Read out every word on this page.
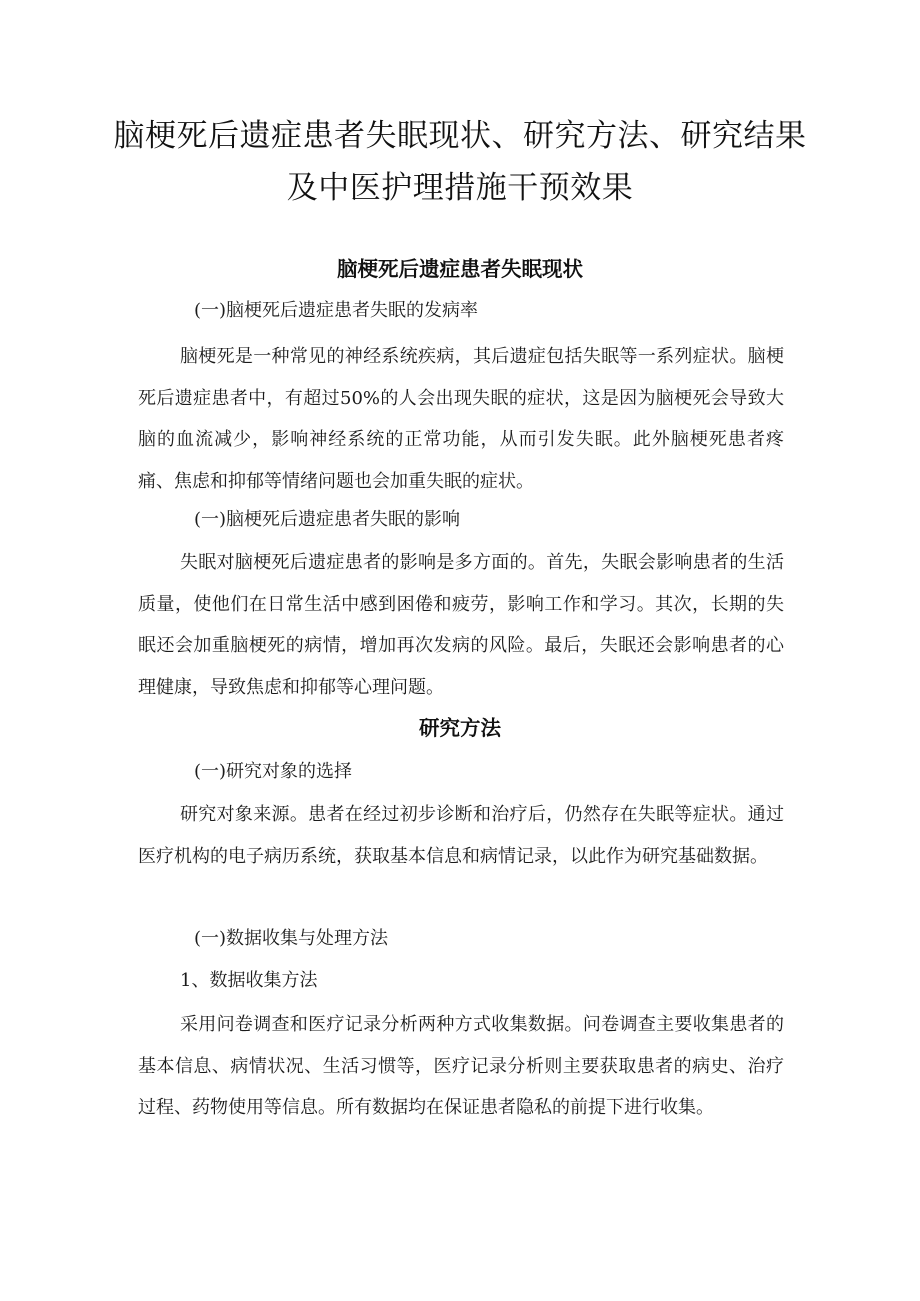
脑梗死后遗症患者失眠现状、研究方法、研究结果及中医护理措施干预效果
脑梗死后遗症患者失眠现状

(一)脑梗死后遗症患者失眠的发病率

脑梗死是一种常见的神经系统疾病，其后遗症包括失眠等一系列症状。脑梗死后遗症患者中，有超过50%的人会出现失眠的症状，这是因为脑梗死会导致大脑的血流减少，影响神经系统的正常功能，从而引发失眠。此外脑梗死患者疼痛、焦虑和抑郁等情绪问题也会加重失眠的症状。

(一)脑梗死后遗症患者失眠的影响

失眠对脑梗死后遗症患者的影响是多方面的。首先，失眠会影响患者的生活质量，使他们在日常生活中感到困倦和疲劳，影响工作和学习。其次，长期的失眠还会加重脑梗死的病情，增加再次发病的风险。最后，失眠还会影响患者的心理健康，导致焦虑和抑郁等心理问题。

研究方法

(一)研究对象的选择

研究对象来源。患者在经过初步诊断和治疗后，仍然存在失眠等症状。通过医疗机构的电子病历系统，获取基本信息和病情记录，以此作为研究基础数据。

(一)数据收集与处理方法

1、数据收集方法

采用问卷调查和医疗记录分析两种方式收集数据。问卷调查主要收集患者的基本信息、病情状况、生活习惯等，医疗记录分析则主要获取患者的病史、治疗过程、药物使用等信息。所有数据均在保证患者隐私的前提下进行收集。
